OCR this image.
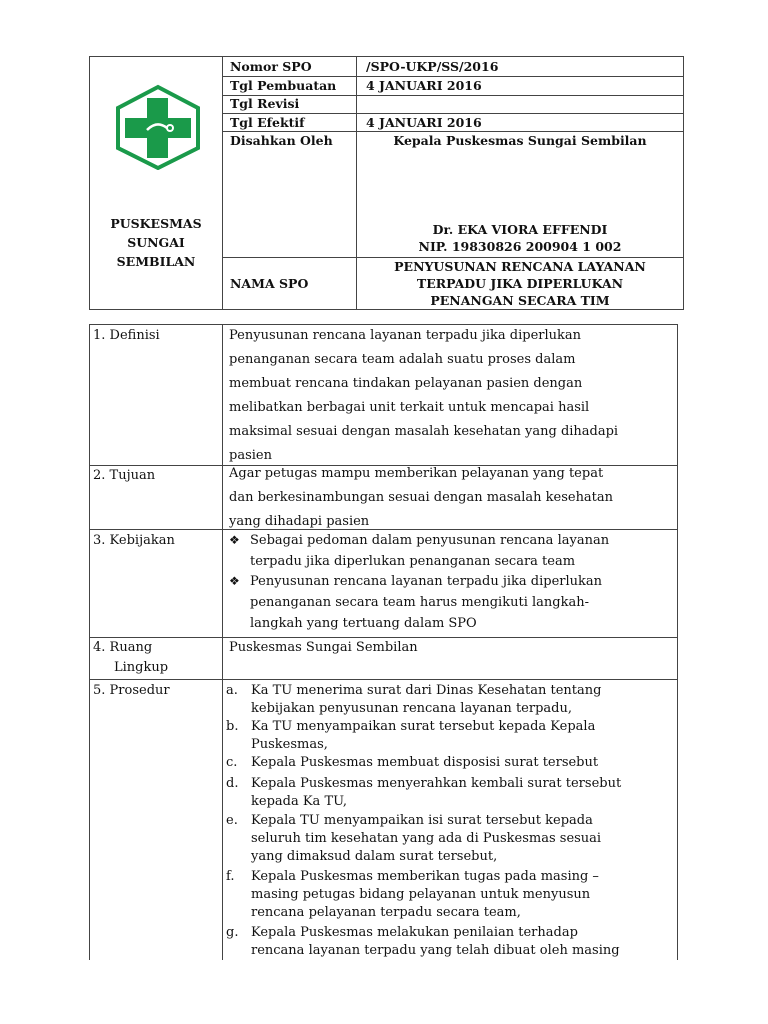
PUSKESMAS
SUNGAI
SEMBILAN
Nomor SPO	/SPO-UKP/SS/2016
Tgl Pembuatan 4 JANUARI 2016
Tgl Revisi
Tgl Efektif	4 JANUARI 2016
Disahkan Oleh	Kepala Puskesmas Sungai Sembilan
Dr. EKA VIORA EFFENDI
NIP. 19830826 200904 1 002
NAMA SPO
PENYUSUNAN RENCANA LAYANAN
TERPADU JIKA DIPERLUKAN
PENANGAN SECARA TIM
1. Definisi	Penyusunan rencana layanan terpadu jika diperlukan
penanganan secara team adalah suatu proses dalam
membuat rencana tindakan pelayanan pasien dengan
melibatkan berbagai unit terkait untuk mencapai hasil
maksimal sesuai dengan masalah kesehatan yang dihadapi
pasien
2. Tujuan	Agar petugas mampu memberikan pelayanan yang tepat
dan berkesinambungan sesuai dengan masalah kesehatan
yang dihadapi pasien
3. Kebijakan	❖ Sebagai pedoman dalam penyusunan rencana layanan
terpadu jika diperlukan penanganan secara team
❖ Penyusunan rencana layanan terpadu jika diperlukan
penanganan secara team harus mengikuti langkah-
langkah yang tertuang dalam SPO
4. Ruang
Lingkup
Puskesmas Sungai Sembilan
5. Prosedur	a. Ka TU menerima surat dari Dinas Kesehatan tentang
kebijakan penyusunan rencana layanan terpadu,
b. Ka TU menyampaikan surat tersebut kepada Kepala
Puskesmas,
c. Kepala Puskesmas membuat disposisi surat tersebut
d. Kepala Puskesmas menyerahkan kembali surat tersebut
kepada Ka TU,
e. Kepala TU menyampaikan isi surat tersebut kepada
seluruh tim kesehatan yang ada di Puskesmas sesuai
yang dimaksud dalam surat tersebut,
f. Kepala Puskesmas memberikan tugas pada masing –
masing petugas bidang pelayanan untuk menyusun
rencana pelayanan terpadu secara team,
g. Kepala Puskesmas melakukan penilaian terhadap
rencana layanan terpadu yang telah dibuat oleh masing
